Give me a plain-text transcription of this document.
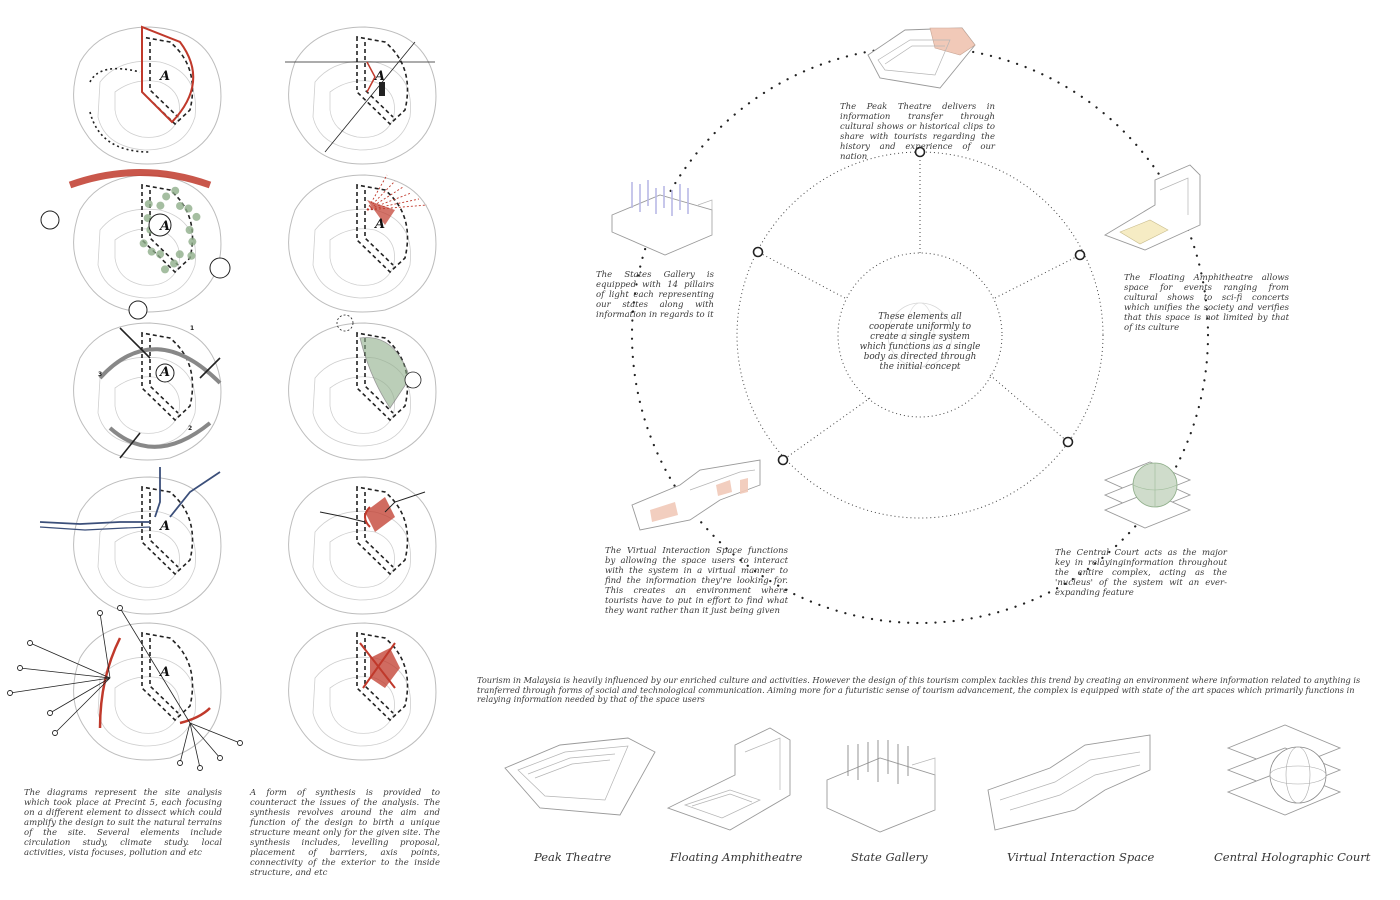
A	A
A	A
A
1
2
3
A
A
The diagrams represent the site analysis which took place at Precint 5, each focusing on a different element to dissect which could amplify the design to suit the natural terrains of the site. Several elements include circulation study, climate study. local activities, vista focuses, pollution and etc
A form of synthesis is provided to counteract the issues of the analysis. The synthesis revolves around the aim and function of the design to birth a unique structure meant only for the given site. The synthesis includes, levelling proposal, placement of barriers, axis points, connectivity of the exterior to the inside structure, and etc
The Peak Theatre delivers in information transfer through cultural shows or historical clips to share with tourists regarding the history and experience of our nation
The States Gallery is equipped with 14 pillairs of light each representing our states along with information in regards to it
The Floating Amphitheatre allows space for events ranging from cultural shows to sci-fi concerts which unifies the society and verifies that this space is not limited by that of its culture
The Virtual Interaction Space functions by allowing the space users to interact with the system in a virtual manner to find the information they're looking for. This creates an environment where tourists have to put in effort to find what they want rather than it just being given
The Central Court acts as the major key in relayinginformation throughout the entire complex, acting as the 'nucleus' of the system wit an ever-expanding feature
These elements all cooperate uniformly to create a single system which functions as a single body as directed through the initial concept
Tourism in Malaysia is heavily influenced by our enriched culture and activities. However the design of this tourism complex tackles this trend by creating an environment where information related to anything is tranferred through forms of social and technological communication. Aiming more for a futuristic sense of tourism advancement, the complex is equipped with state of the art spaces which primarily functions in relaying information needed by that of the space users
Peak Theatre	Floating Amphitheatre	State Gallery	Virtual Interaction Space	Central Holographic Court
